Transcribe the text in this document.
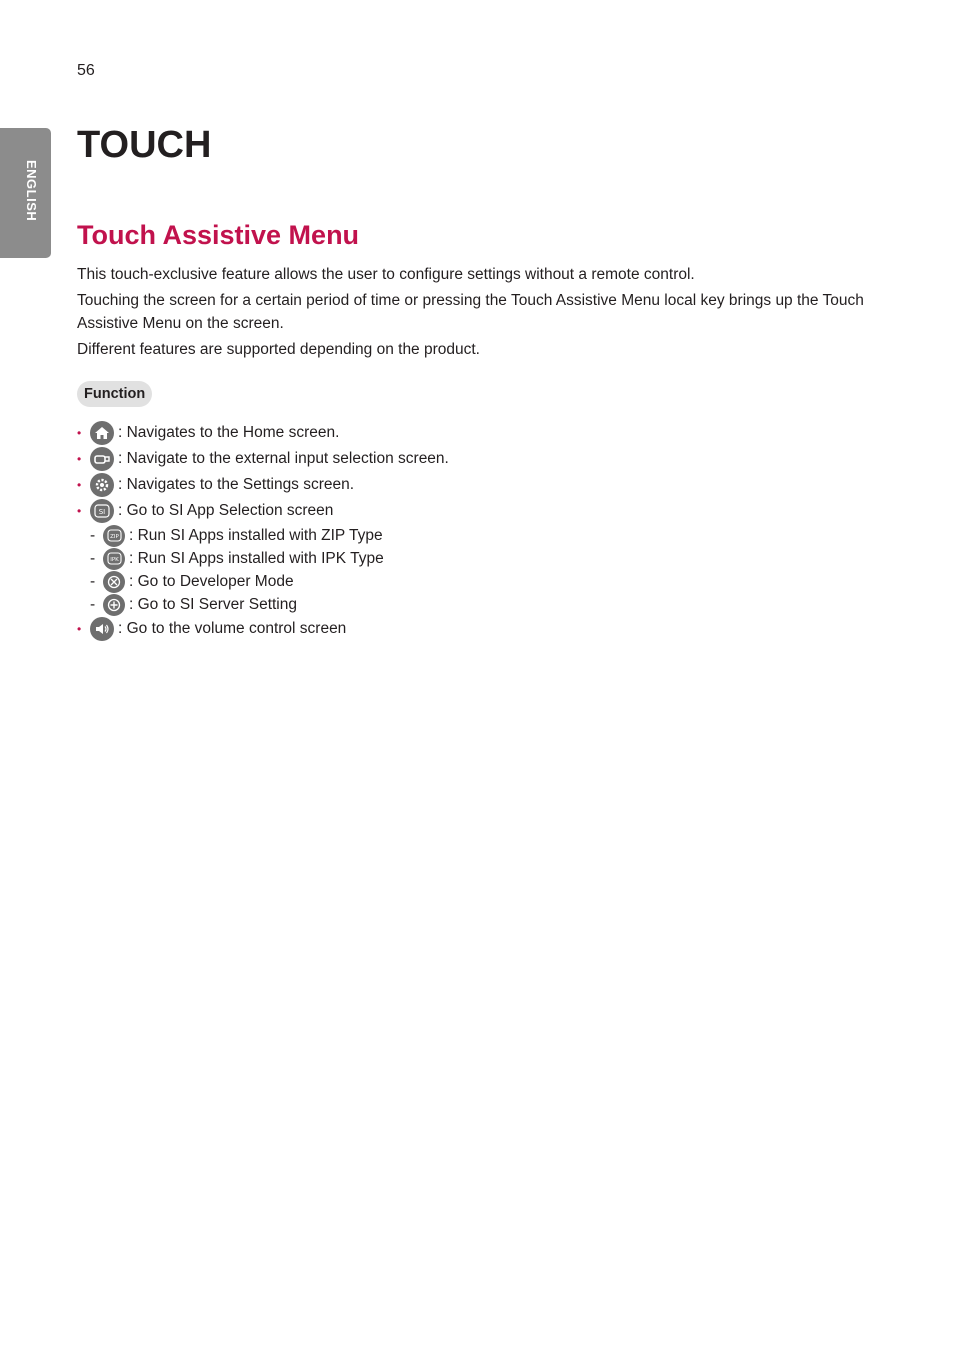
56
ENGLISH
TOUCH
Touch Assistive Menu

This touch-exclusive feature allows the user to configure settings without a remote control.

Touching the screen for a certain period of time or pressing the Touch Assistive Menu local key brings up the Touch Assistive Menu on the screen.

Different features are supported depending on the product.

Function
•	: Navigates to the Home screen.
•	: Navigate to the external input selection screen.
•	: Navigates to the Settings screen.
•	SI : Go to SI App Selection screen
-	ZIP : Run SI Apps installed with ZIP Type
-	IPK : Run SI Apps installed with IPK Type
-	: Go to Developer Mode
-	: Go to SI Server Setting
•	: Go to the volume control screen
